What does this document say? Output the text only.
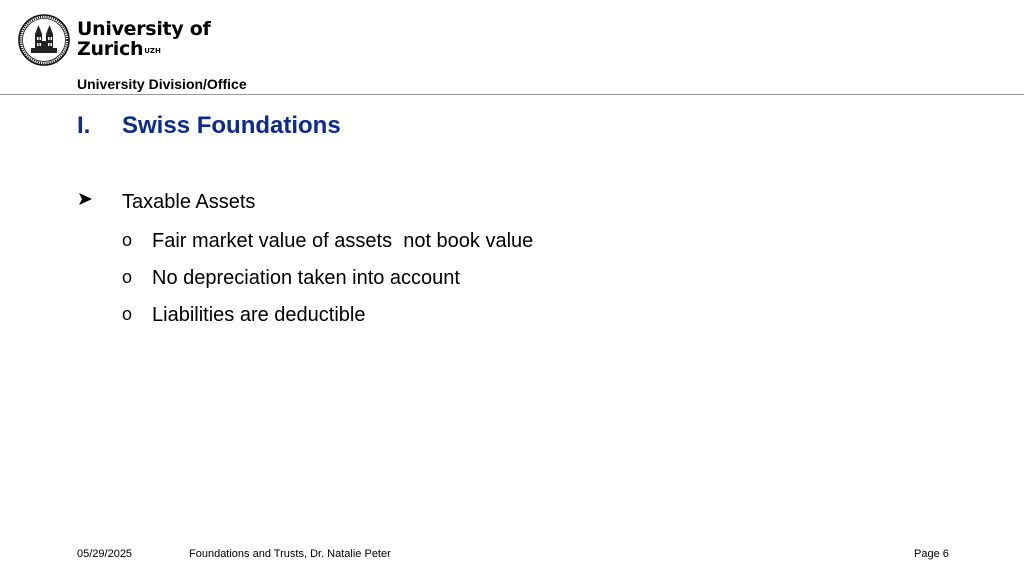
University of
Zurich$^{UZH}$
University Division/Office
I. Swiss Foundations
Taxable Assets
o Fair market value of assets  not book value
o No depreciation taken into account
o Liabilities are deductible
05/29/2025	Foundations and Trusts, Dr. Natalie Peter	Page 6
